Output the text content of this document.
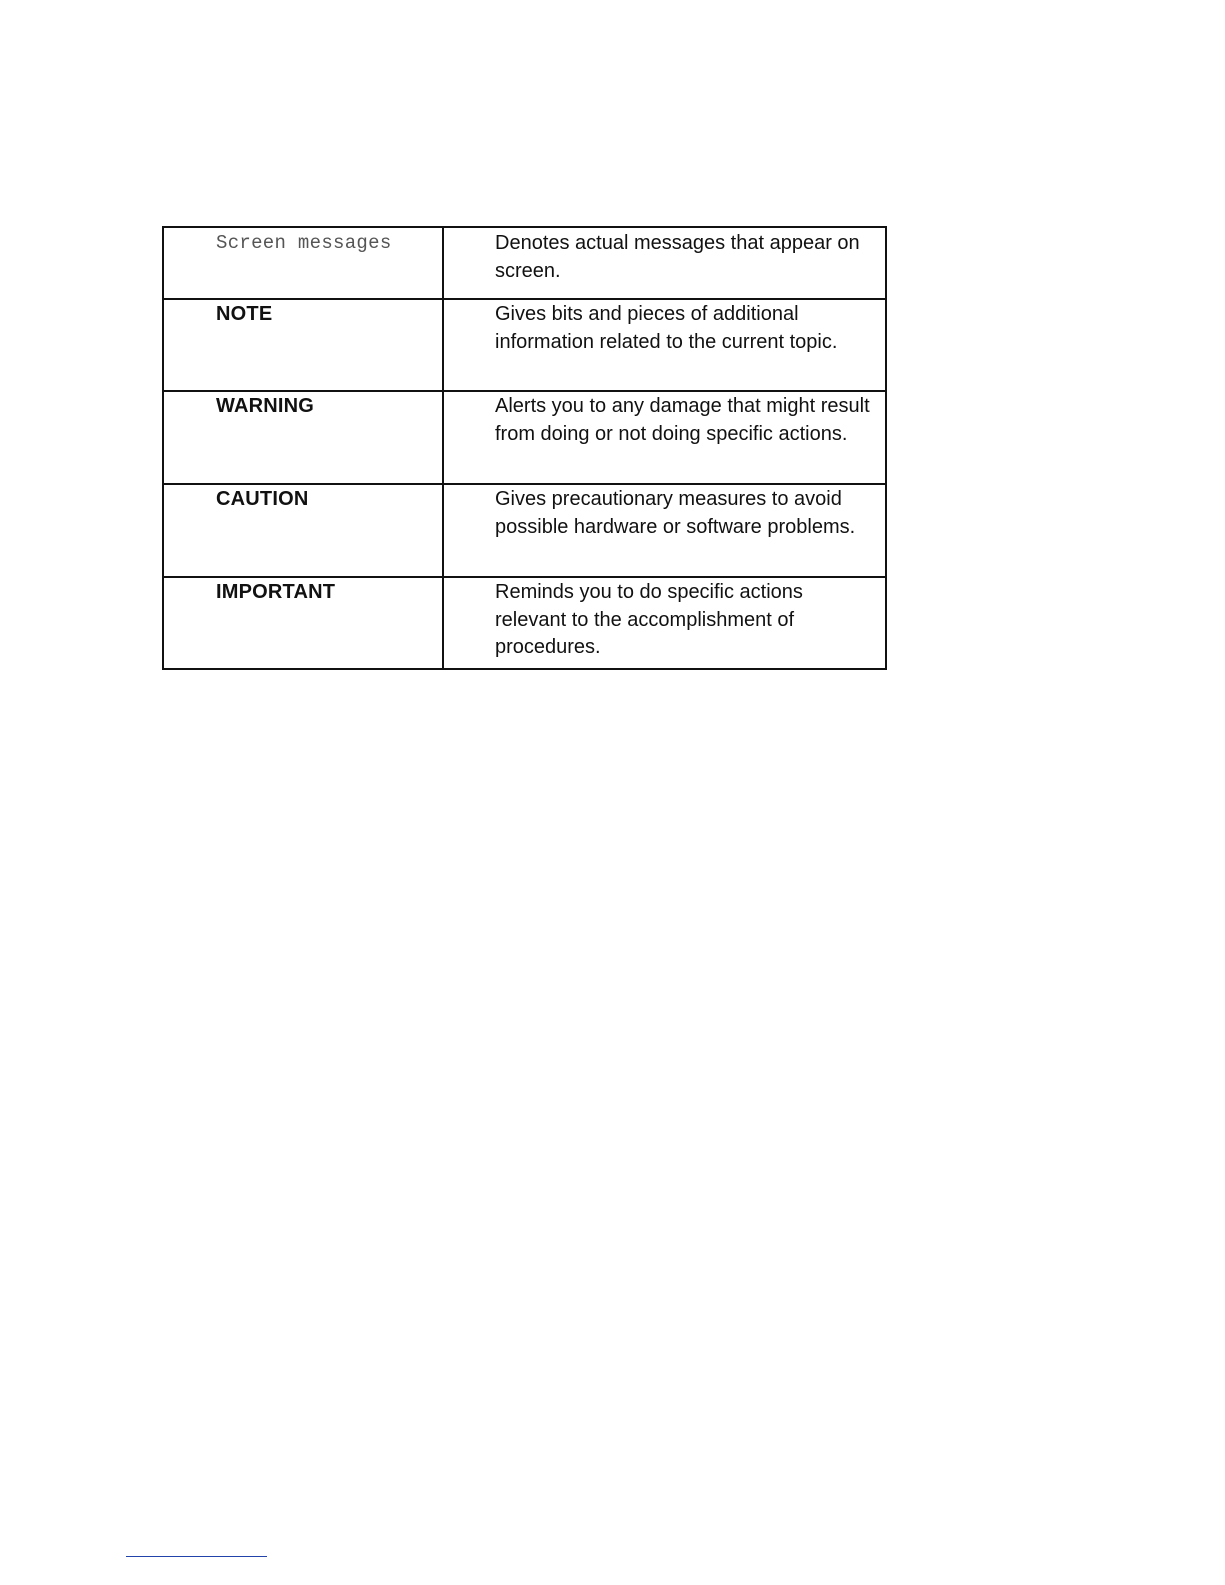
Screen messages	Denotes actual messages that appear on screen.

NOTE	Gives bits and pieces of additional information related to the current topic.

WARNING	Alerts you to any damage that might result from doing or not doing specific actions.

CAUTION	Gives precautionary measures to avoid possible hardware or software problems.

IMPORTANT	Reminds you to do specific actions relevant to the accomplishment of procedures.
